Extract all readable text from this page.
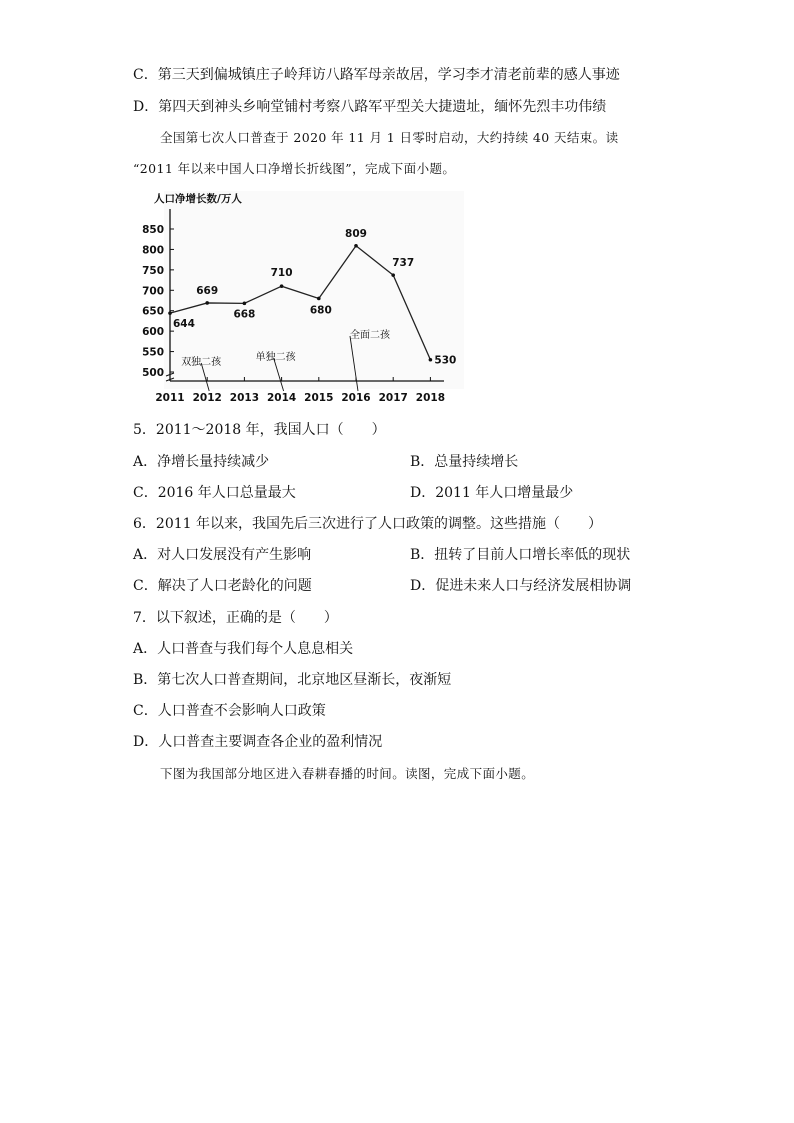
C．第三天到偏城镇庄子岭拜访八路军母亲故居，学习李才清老前辈的感人事迹
D．第四天到神头乡响堂铺村考察八路军平型关大捷遗址，缅怀先烈丰功伟绩
全国第七次人口普查于 2020 年 11 月 1 日零时启动，大约持续 40 天结束。读
“2011 年以来中国人口净增长折线图”，完成下面小题。
人口净增长数/万人
850
800
750
700
650
600
550
500
2011 2012 2013 2014 2015 2016 2017 2018
双独二孩	单独二孩
全面二孩
644
669
668
710
680
809
737
530
5．2011～2018 年，我国人口（　　）
A．净增长量持续减少	B．总量持续增长
C．2016 年人口总量最大	D．2011 年人口增量最少
6．2011 年以来，我国先后三次进行了人口政策的调整。这些措施（　　）
A．对人口发展没有产生影响	B．扭转了目前人口增长率低的现状
C．解决了人口老龄化的问题	D．促进未来人口与经济发展相协调
7．以下叙述，正确的是（　　）
A．人口普查与我们每个人息息相关
B．第七次人口普查期间，北京地区昼渐长，夜渐短
C．人口普查不会影响人口政策
D．人口普查主要调查各企业的盈利情况
下图为我国部分地区进入春耕春播的时间。读图，完成下面小题。
